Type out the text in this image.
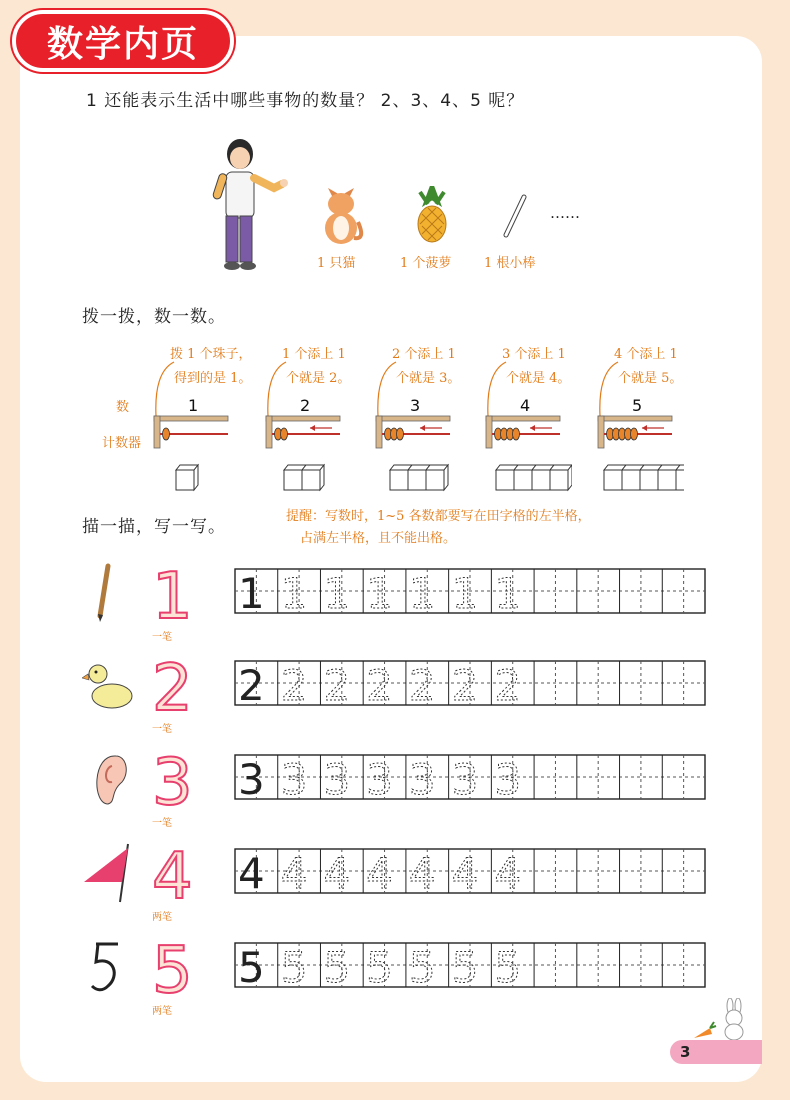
数学内页
1 还能表示生活中哪些事物的数量？ 2、3、4、5 呢？
1 只猫	1 个菠萝	1 根小棒
……
拨一拨，数一数。
数
计数器
拨 1 个珠子，
得到的是 1。
1
1 个添上 1
个就是 2。
2
2 个添上 1
个就是 3。
3
3 个添上 1
个就是 4。
4
4 个添上 1
个就是 5。
5
描一描，写一写。
提醒：写数时，1~5 各数都要写在田字格的左半格，
占满左半格，且不能出格。
1
一笔
1 1 1 1 1 1 1
2
一笔
2 2 2 2 2 2 2
3
一笔
3 3 3 3 3 3 3
4
两笔
4 4 4 4 4 4 4
5
两笔
5 5 5 5 5 5 5
3
